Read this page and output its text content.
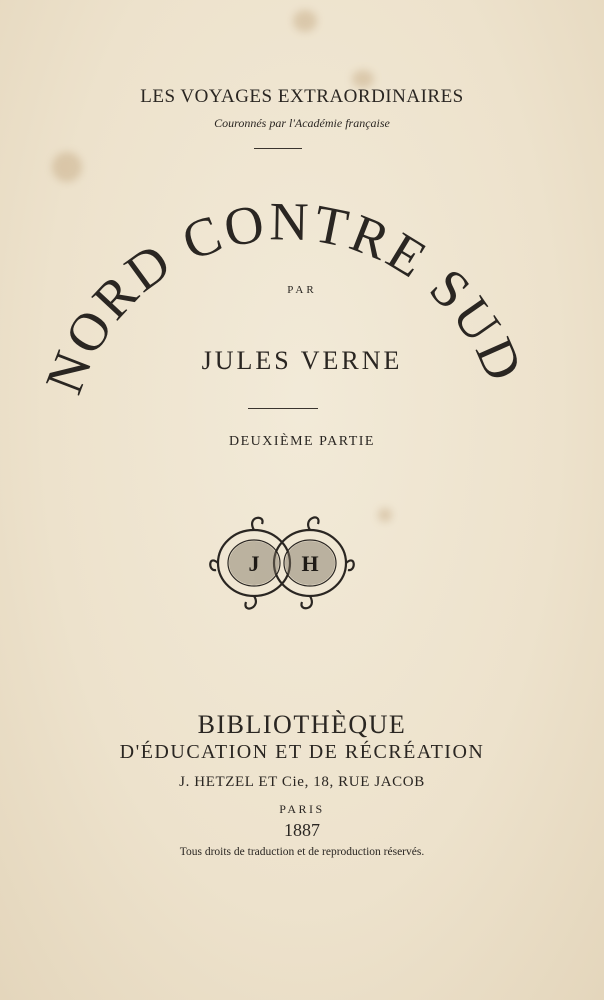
LES VOYAGES EXTRAORDINAIRES
Couronnés par l'Académie française
NORD CONTRE SUD
PAR
JULES VERNE
DEUXIÈME PARTIE
J H
BIBLIOTHÈQUE
D'ÉDUCATION ET DE RÉCRÉATION
J. HETZEL ET Cie, 18, RUE JACOB
PARIS
1887
Tous droits de traduction et de reproduction réservés.
